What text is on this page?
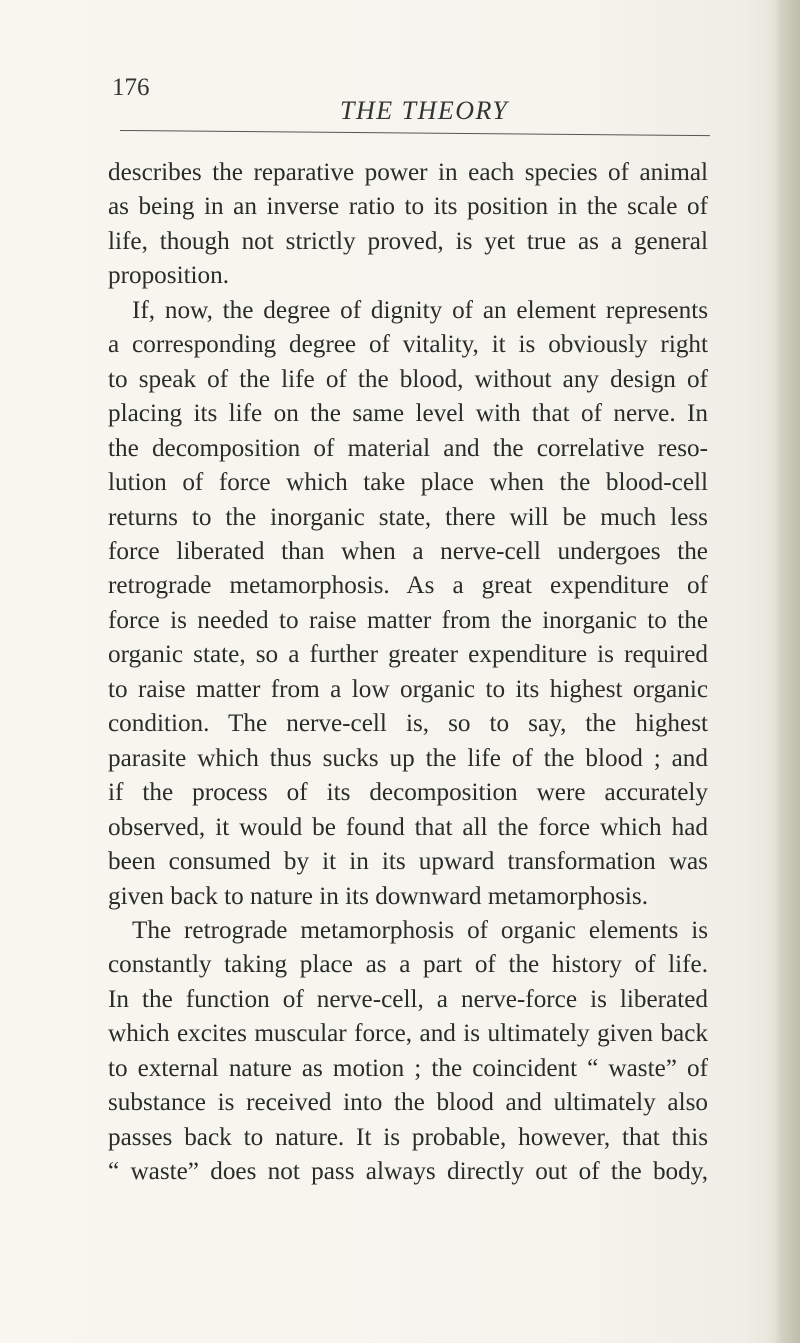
176
THE THEORY
describes the reparative power in each species of animal
as being in an inverse ratio to its position in the scale of
life, though not strictly proved, is yet true as a general
proposition.
If, now, the degree of dignity of an element represents
a corresponding degree of vitality, it is obviously right
to speak of the life of the blood, without any design of
placing its life on the same level with that of nerve. In
the decomposition of material and the correlative reso-
lution of force which take place when the blood-cell
returns to the inorganic state, there will be much less
force liberated than when a nerve-cell undergoes the
retrograde metamorphosis. As a great expenditure of
force is needed to raise matter from the inorganic to the
organic state, so a further greater expenditure is required
to raise matter from a low organic to its highest organic
condition. The nerve-cell is, so to say, the highest
parasite which thus sucks up the life of the blood ; and
if the process of its decomposition were accurately
observed, it would be found that all the force which had
been consumed by it in its upward transformation was
given back to nature in its downward metamorphosis.
The retrograde metamorphosis of organic elements is
constantly taking place as a part of the history of life.
In the function of nerve-cell, a nerve-force is liberated
which excites muscular force, and is ultimately given back
to external nature as motion ; the coincident “ waste” of
substance is received into the blood and ultimately also
passes back to nature. It is probable, however, that this
“ waste” does not pass always directly out of the body,
